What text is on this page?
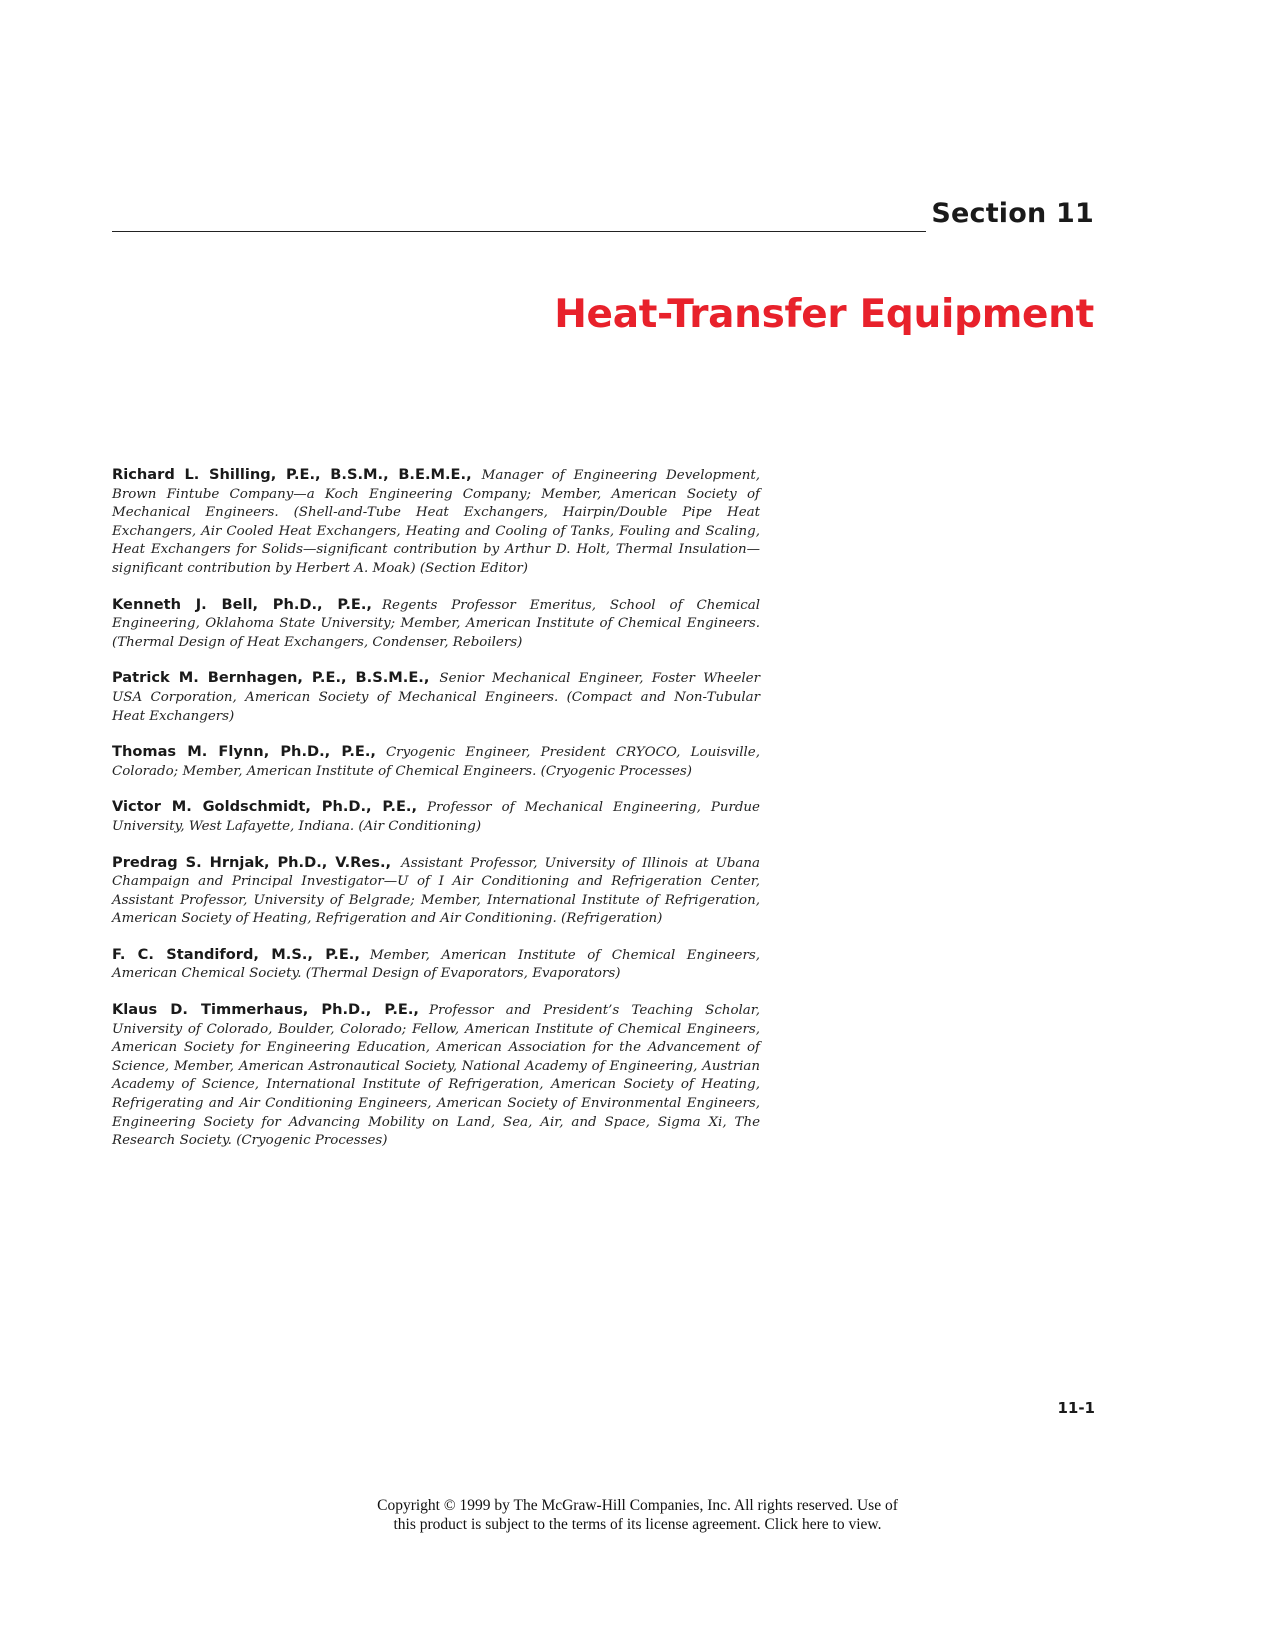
Section 11
Heat-Transfer Equipment

Richard L. Shilling, P.E., B.S.M., B.E.M.E., Manager of Engineering Development, Brown Fintube Company—a Koch Engineering Company; Member, American Society of Mechanical Engineers. (Shell-and-Tube Heat Exchangers, Hairpin/Double Pipe Heat Exchangers, Air Cooled Heat Exchangers, Heating and Cooling of Tanks, Fouling and Scaling, Heat Exchangers for Solids—significant contribution by Arthur D. Holt, Thermal Insulation—significant contribution by Herbert A. Moak) (Section Editor)

Kenneth J. Bell, Ph.D., P.E., Regents Professor Emeritus, School of Chemical Engineering, Oklahoma State University; Member, American Institute of Chemical Engineers. (Thermal Design of Heat Exchangers, Condenser, Reboilers)

Patrick M. Bernhagen, P.E., B.S.M.E., Senior Mechanical Engineer, Foster Wheeler USA Corporation, American Society of Mechanical Engineers. (Compact and Non-Tubular Heat Exchangers)

Thomas M. Flynn, Ph.D., P.E., Cryogenic Engineer, President CRYOCO, Louisville, Colorado; Member, American Institute of Chemical Engineers. (Cryogenic Processes)

Victor M. Goldschmidt, Ph.D., P.E., Professor of Mechanical Engineering, Purdue University, West Lafayette, Indiana. (Air Conditioning)

Predrag S. Hrnjak, Ph.D., V.Res., Assistant Professor, University of Illinois at Ubana Champaign and Principal Investigator—U of I Air Conditioning and Refrigeration Center, Assistant Professor, University of Belgrade; Member, International Institute of Refrigeration, American Society of Heating, Refrigeration and Air Conditioning. (Refrigeration)

F. C. Standiford, M.S., P.E., Member, American Institute of Chemical Engineers, American Chemical Society. (Thermal Design of Evaporators, Evaporators)

Klaus D. Timmerhaus, Ph.D., P.E., Professor and President’s Teaching Scholar, University of Colorado, Boulder, Colorado; Fellow, American Institute of Chemical Engineers, American Society for Engineering Education, American Association for the Advancement of Science, Member, American Astronautical Society, National Academy of Engineering, Austrian Academy of Science, International Institute of Refrigeration, American Society of Heating, Refrigerating and Air Conditioning Engineers, American Society of Environmental Engineers, Engineering Society for Advancing Mobility on Land, Sea, Air, and Space, Sigma Xi, The Research Society. (Cryogenic Processes)

11-1
Copyright © 1999 by The McGraw-Hill Companies, Inc. All rights reserved. Use of
this product is subject to the terms of its license agreement. Click here to view.
